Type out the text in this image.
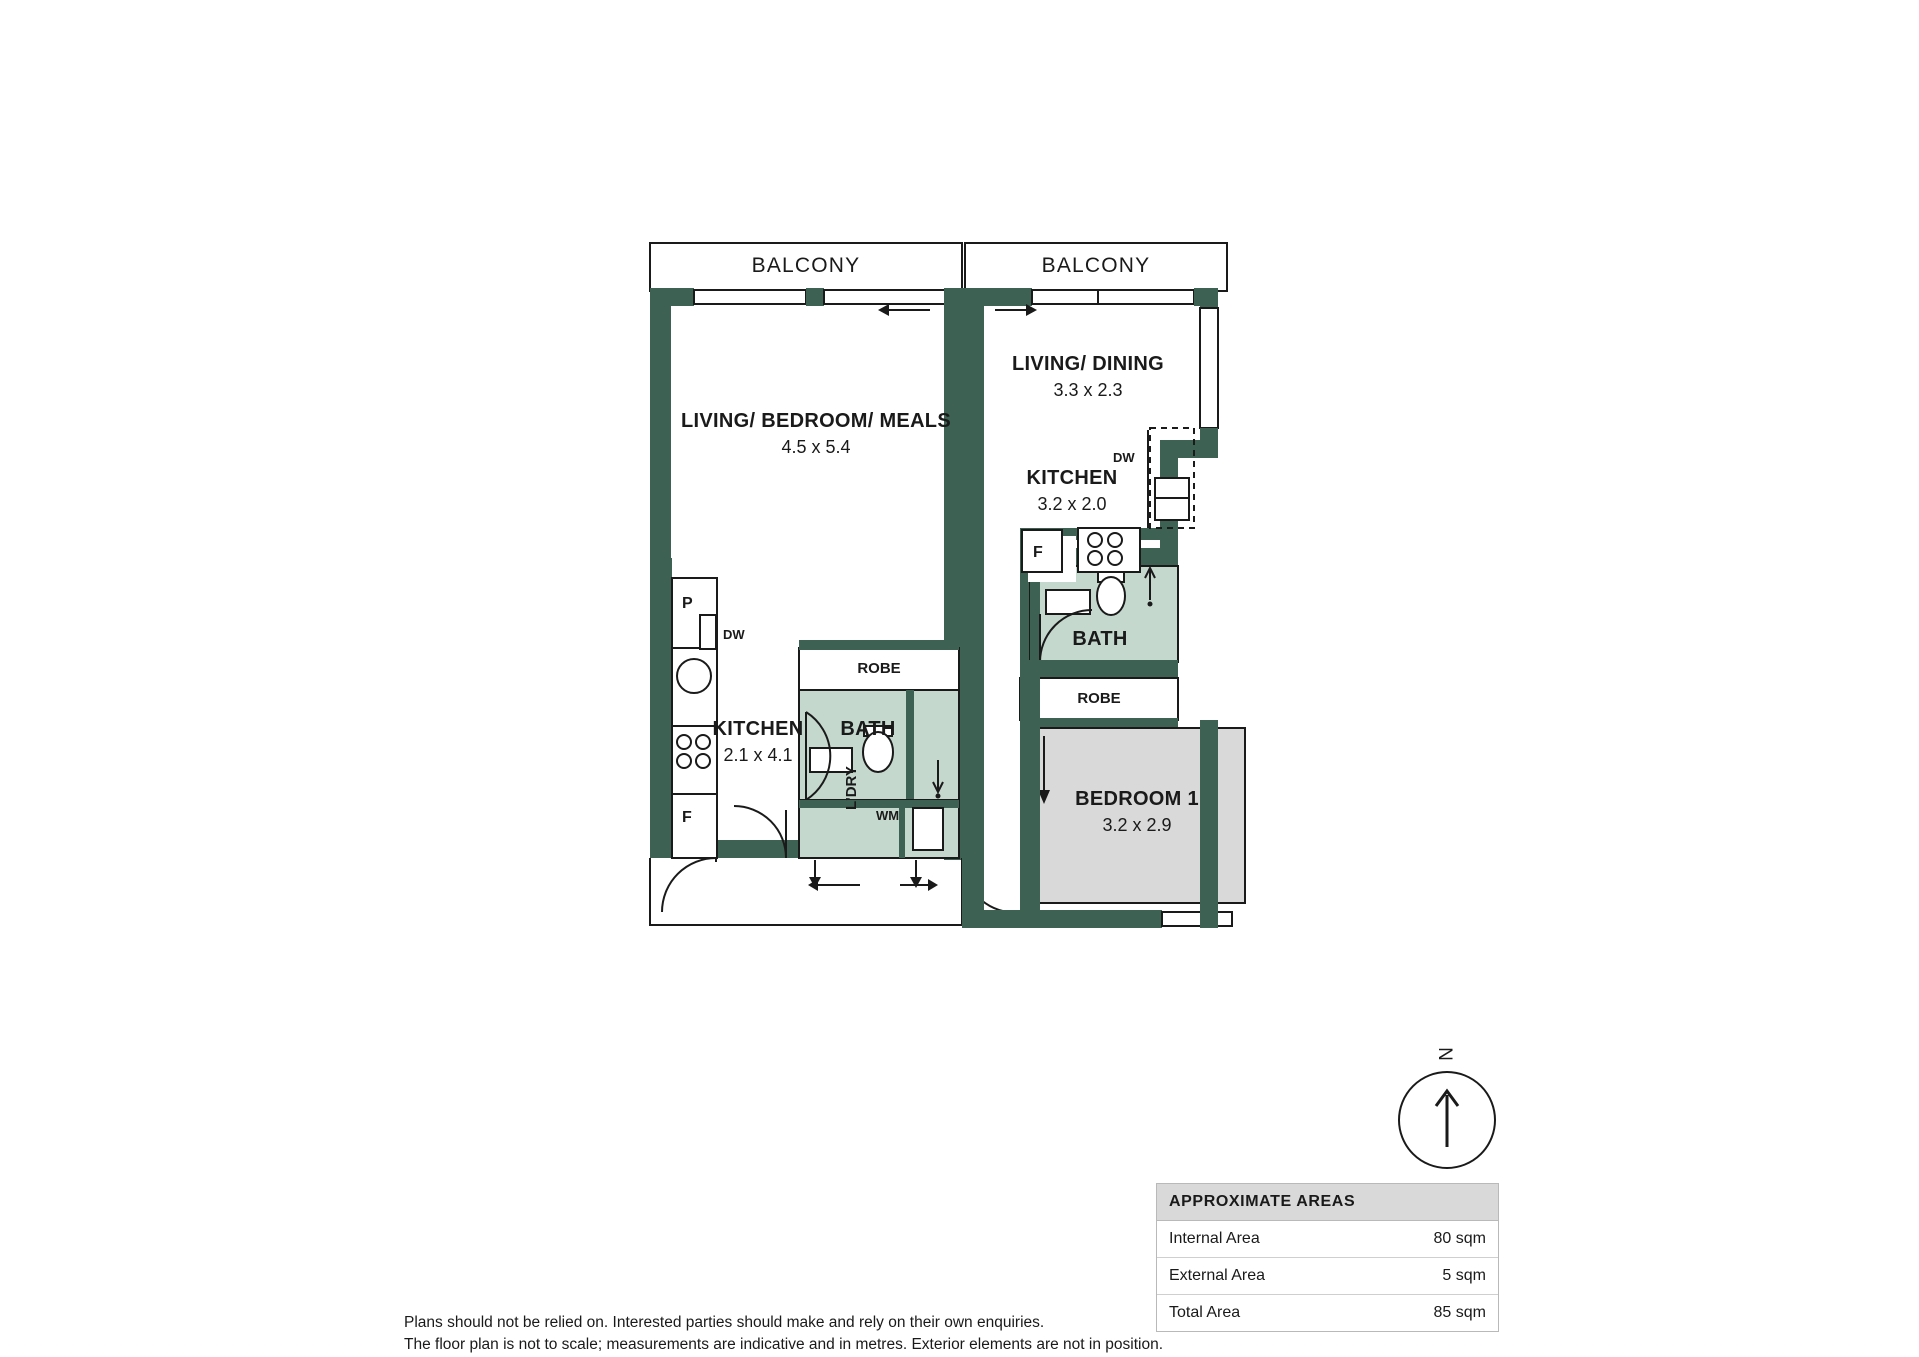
P
F
F
BALCONY	BALCONY
LIVING/ BEDROOM/ MEALS
4.5 x 5.4
LIVING/ DINING
3.3 x 2.3
KITCHEN
3.2 x 2.0
KITCHEN
2.1 x 4.1
BATH
BATH
BEDROOM 1
3.2 x 2.9
ROBE
ROBE
L'DRY
DW
DW
WM
N
APPROXIMATE AREAS
Internal Area	80 sqm
External Area	5 sqm
Total Area	85 sqm
Plans should not be relied on. Interested parties should make and rely on their own enquiries.
The floor plan is not to scale; measurements are indicative and in metres. Exterior elements are not in position.
